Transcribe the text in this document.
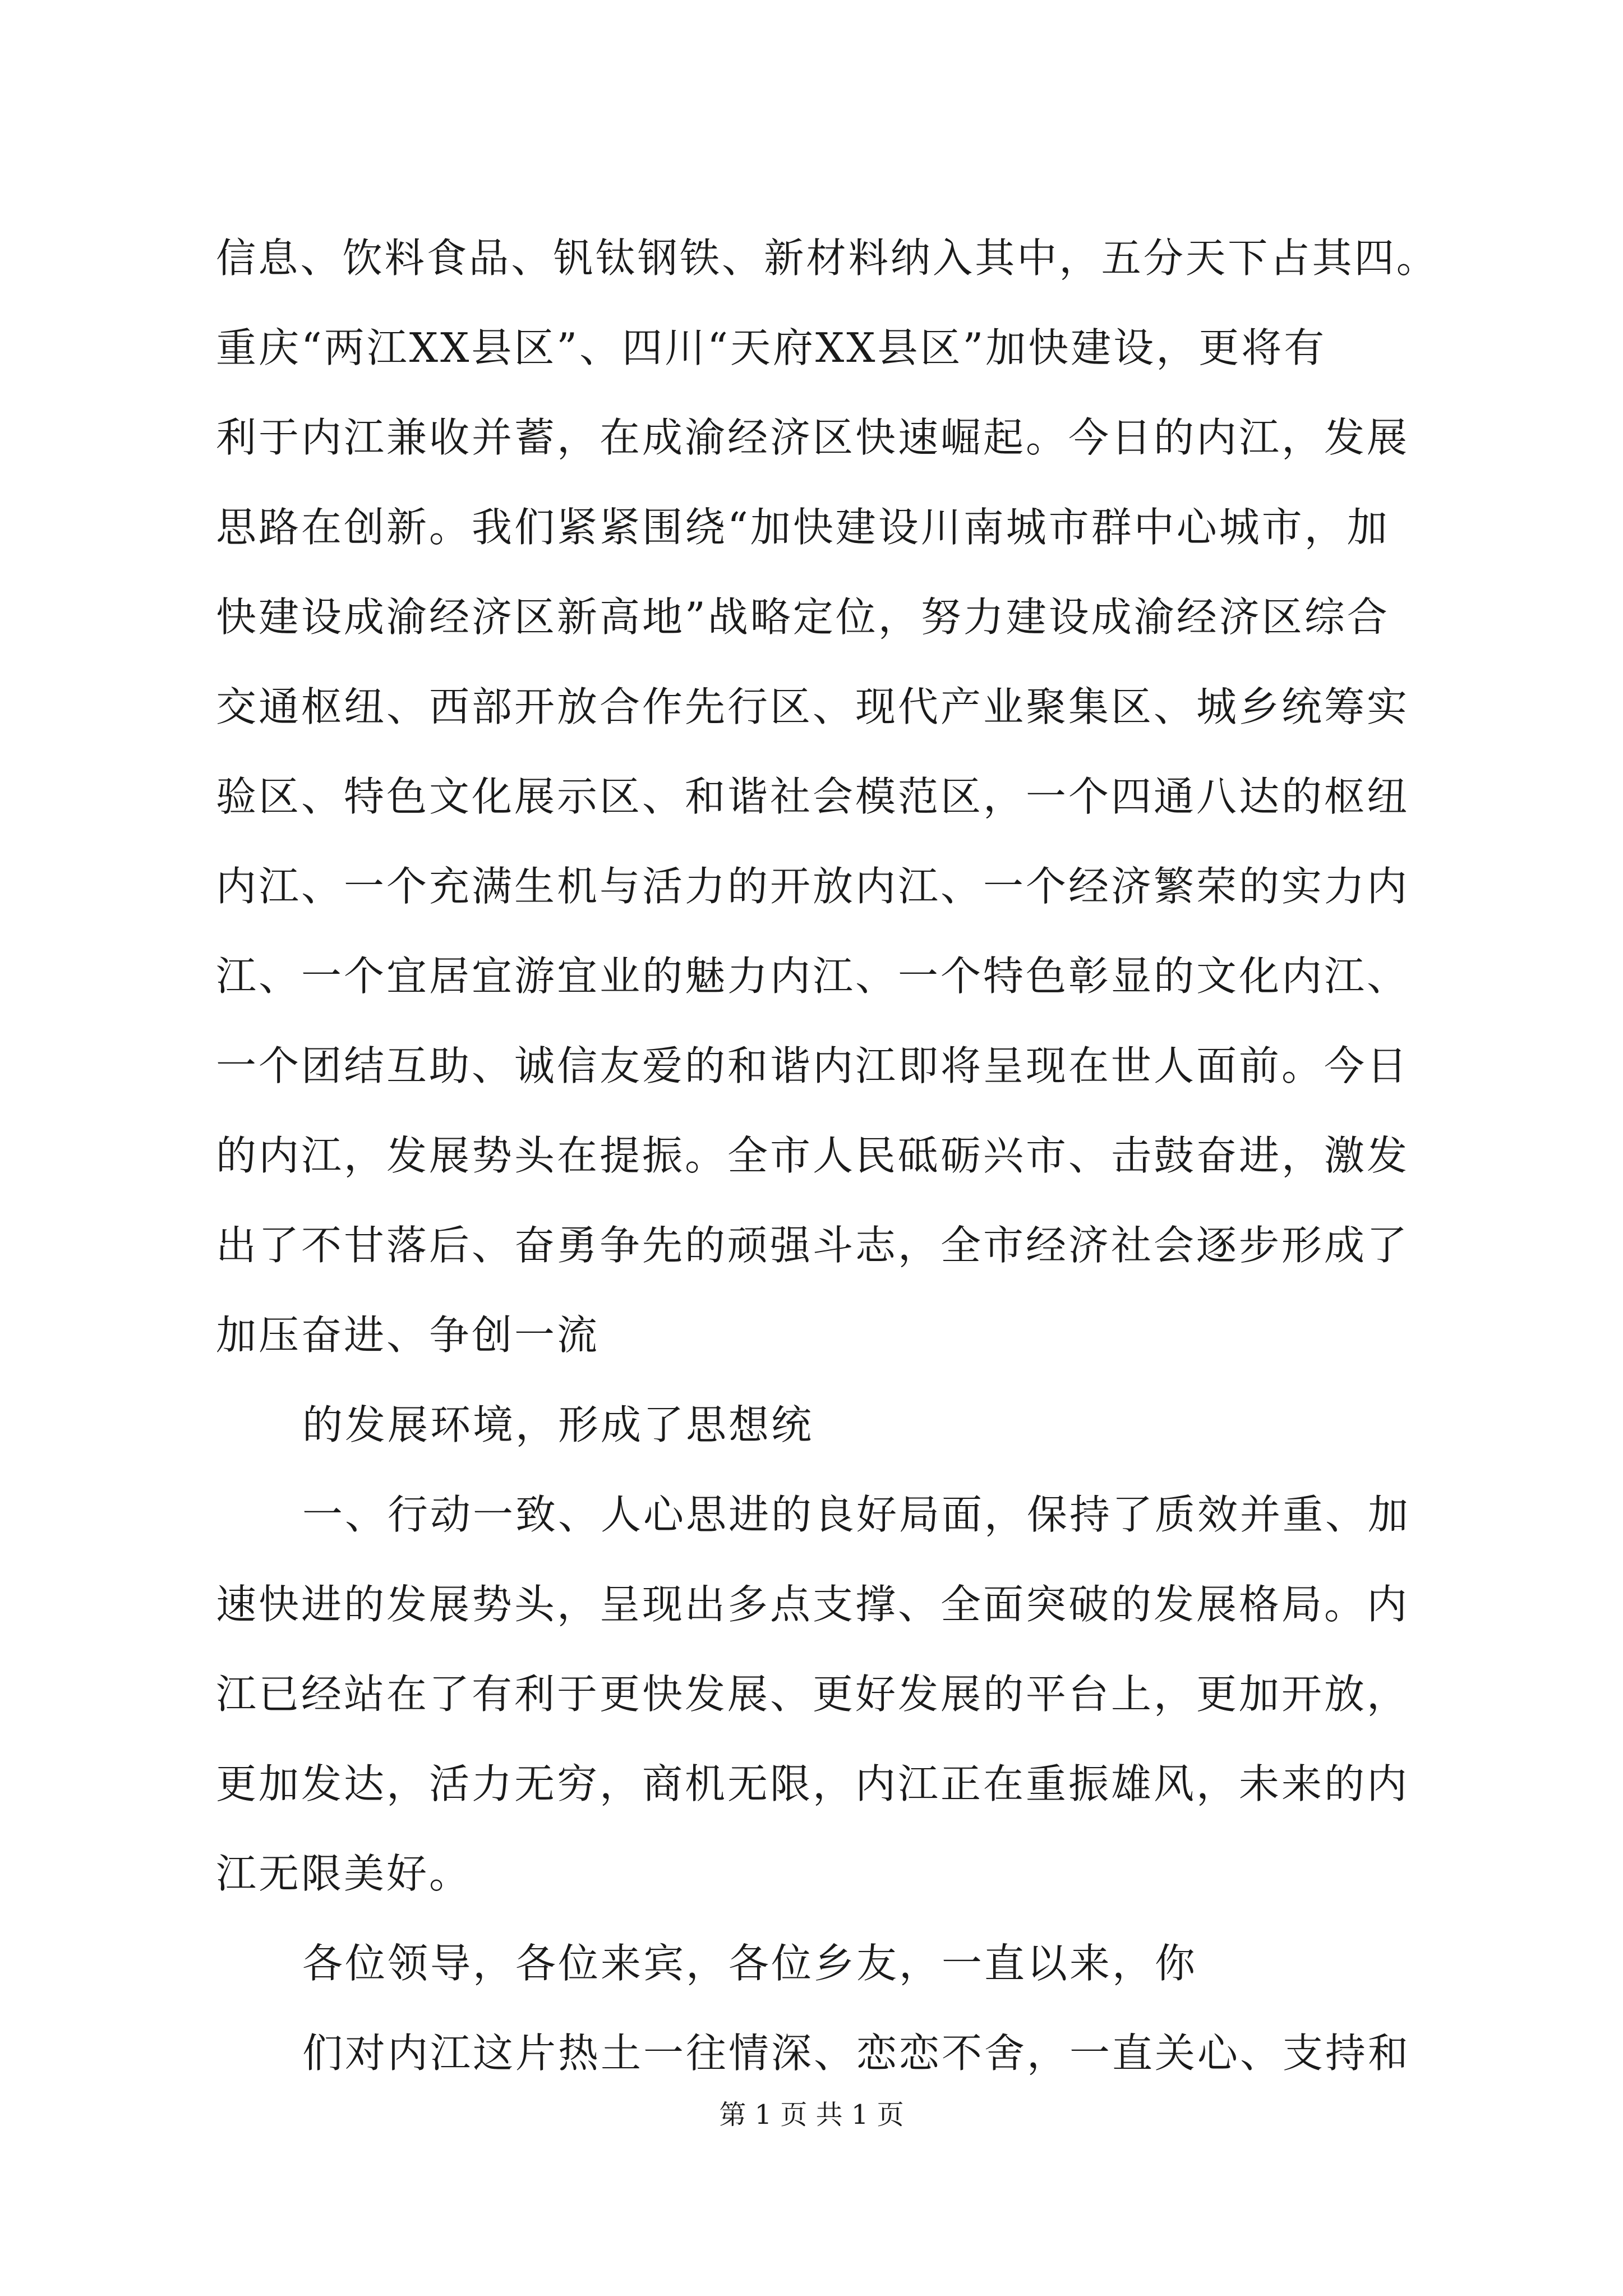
信息、饮料食品、钒钛钢铁、新材料纳入其中，五分天下占其四。
重庆“两江XX县区”、四川“天府XX县区”加快建设，更将有
利于内江兼收并蓄，在成渝经济区快速崛起。今日的内江，发展
思路在创新。我们紧紧围绕“加快建设川南城市群中心城市，加
快建设成渝经济区新高地”战略定位，努力建设成渝经济区综合
交通枢纽、西部开放合作先行区、现代产业聚集区、城乡统筹实
验区、特色文化展示区、和谐社会模范区，一个四通八达的枢纽
内江、一个充满生机与活力的开放内江、一个经济繁荣的实力内
江、一个宜居宜游宜业的魅力内江、一个特色彰显的文化内江、
一个团结互助、诚信友爱的和谐内江即将呈现在世人面前。今日
的内江，发展势头在提振。全市人民砥砺兴市、击鼓奋进，激发
出了不甘落后、奋勇争先的顽强斗志，全市经济社会逐步形成了
加压奋进、争创一流
的发展环境，形成了思想统
一、行动一致、人心思进的良好局面，保持了质效并重、加
速快进的发展势头，呈现出多点支撑、全面突破的发展格局。内
江已经站在了有利于更快发展、更好发展的平台上，更加开放，
更加发达，活力无穷，商机无限，内江正在重振雄风，未来的内
江无限美好。
各位领导，各位来宾，各位乡友，一直以来，你
们对内江这片热土一往情深、恋恋不舍，一直关心、支持和
第 1 页 共 1 页
